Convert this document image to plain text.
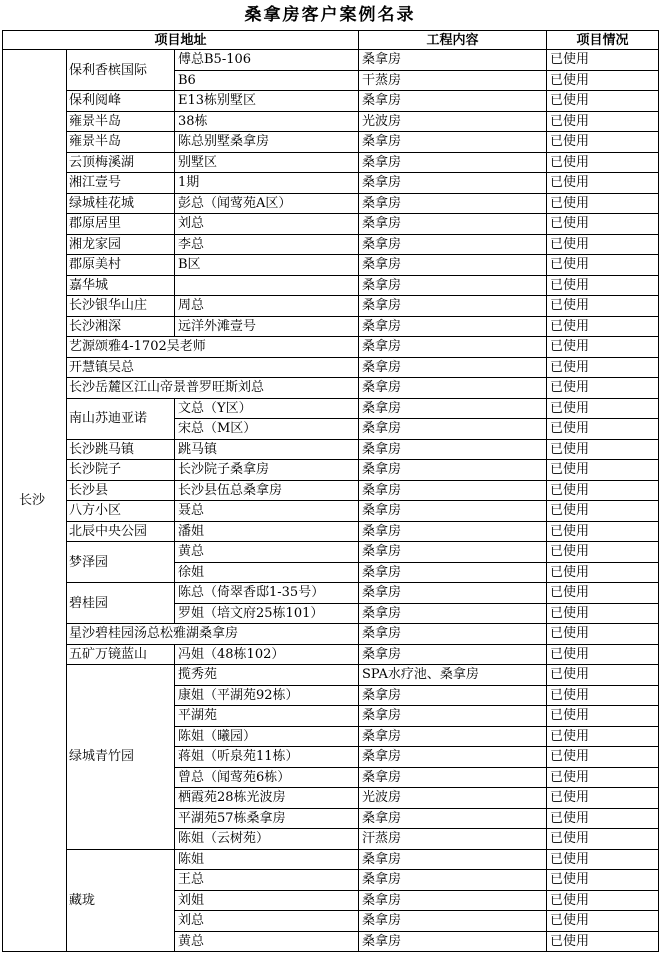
桑拿房客户案例名录
项目地址			工程内容	项目情况
长沙	保利香槟国际	傅总B5-106	桑拿房	已使用
		B6	干蒸房	已使用
	保利阅峰	E13栋别墅区	桑拿房	已使用
	雍景半岛	38栋	光波房	已使用
	雍景半岛	陈总别墅桑拿房	桑拿房	已使用
	云顶梅溪湖	别墅区	桑拿房	已使用
	湘江壹号	1期	桑拿房	已使用
	绿城桂花城	彭总（闻莺苑A区）	桑拿房	已使用
	郡原居里	刘总	桑拿房	已使用
	湘龙家园	李总	桑拿房	已使用
	郡原美村	B区	桑拿房	已使用
	嘉华城		桑拿房	已使用
	长沙银华山庄	周总	桑拿房	已使用
	长沙湘深	远洋外滩壹号	桑拿房	已使用
	艺源颂雅4-1702吴老师		桑拿房	已使用
	开慧镇吴总		桑拿房	已使用
	长沙岳麓区江山帝景普罗旺斯刘总		桑拿房	已使用
	南山苏迪亚诺	文总（Y区）	桑拿房	已使用
		宋总（M区）	桑拿房	已使用
	长沙跳马镇	跳马镇	桑拿房	已使用
	长沙院子	长沙院子桑拿房	桑拿房	已使用
	长沙县	长沙县伍总桑拿房	桑拿房	已使用
	八方小区	聂总	桑拿房	已使用
	北辰中央公园	潘姐	桑拿房	已使用
	梦泽园	黄总	桑拿房	已使用
		徐姐	桑拿房	已使用
	碧桂园	陈总（倚翠香邸1-35号）	桑拿房	已使用
		罗姐（培文府25栋101）	桑拿房	已使用
	星沙碧桂园汤总松雅湖桑拿房		桑拿房	已使用
	五矿万镜蓝山	冯姐（48栋102）	桑拿房	已使用
	绿城青竹园	揽秀苑	SPA水疗池、桑拿房	已使用
		康姐（平湖苑92栋）	桑拿房	已使用
		平湖苑	桑拿房	已使用
		陈姐（曦园）	桑拿房	已使用
		蒋姐（听泉苑11栋）	桑拿房	已使用
		曾总（闻莺苑6栋）	桑拿房	已使用
		栖霞苑28栋光波房	光波房	已使用
		平湖苑57栋桑拿房	桑拿房	已使用
		陈姐（云树苑）	汗蒸房	已使用
	藏珑	陈姐	桑拿房	已使用
		王总	桑拿房	已使用
		刘姐	桑拿房	已使用
		刘总	桑拿房	已使用
		黄总	桑拿房	已使用
